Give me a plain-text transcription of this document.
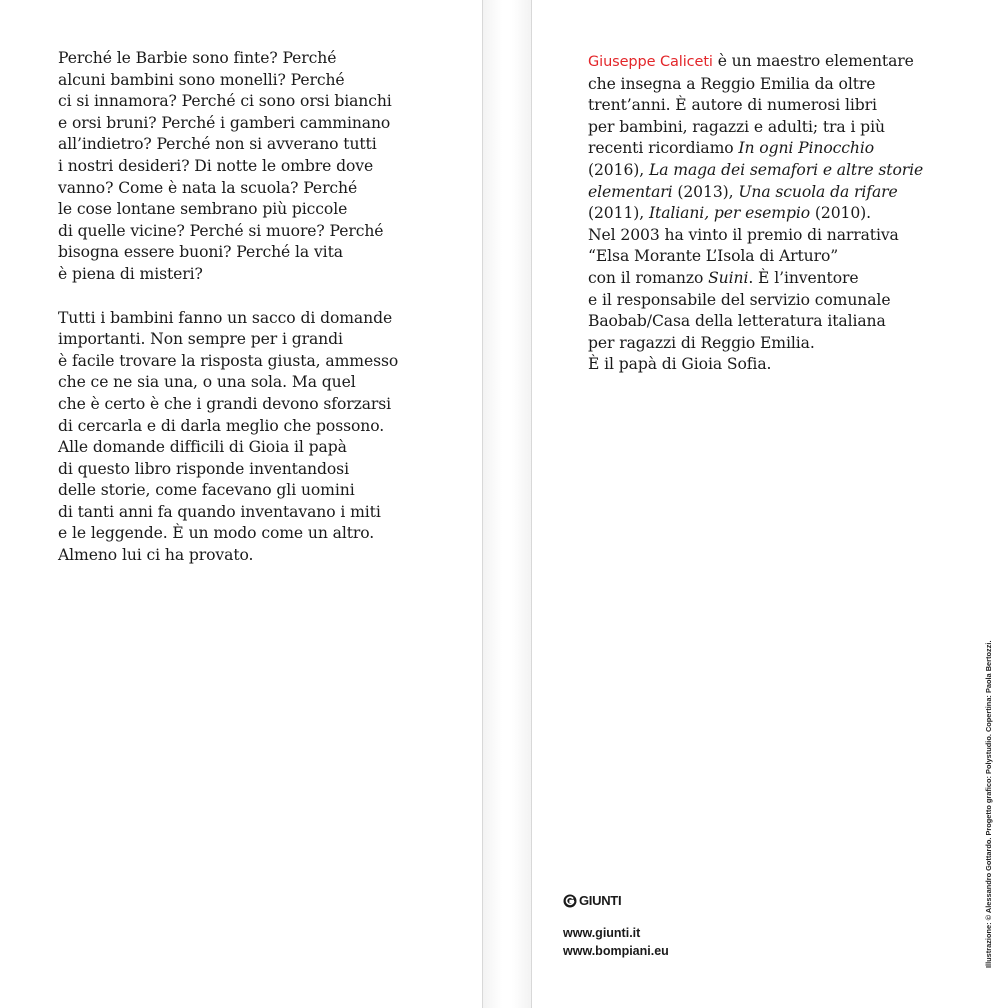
Perché le Barbie sono finte? Perché
alcuni bambini sono monelli? Perché
ci si innamora? Perché ci sono orsi bianchi
e orsi bruni? Perché i gamberi camminano
all’indietro? Perché non si avverano tutti
i nostri desideri? Di notte le ombre dove
vanno? Come è nata la scuola? Perché
le cose lontane sembrano più piccole
di quelle vicine? Perché si muore? Perché
bisogna essere buoni? Perché la vita
è piena di misteri?
Tutti i bambini fanno un sacco di domande
importanti. Non sempre per i grandi
è facile trovare la risposta giusta, ammesso
che ce ne sia una, o una sola. Ma quel
che è certo è che i grandi devono sforzarsi
di cercarla e di darla meglio che possono.
Alle domande difficili di Gioia il papà
di questo libro risponde inventandosi
delle storie, come facevano gli uomini
di tanti anni fa quando inventavano i miti
e le leggende. È un modo come un altro.
Almeno lui ci ha provato.
Giuseppe Caliceti è un maestro elementare
che insegna a Reggio Emilia da oltre
trent’anni. È autore di numerosi libri
per bambini, ragazzi e adulti; tra i più
recenti ricordiamo In ogni Pinocchio
(2016), La maga dei semafori e altre storie
elementari (2013), Una scuola da rifare
(2011), Italiani, per esempio (2010).
Nel 2003 ha vinto il premio di narrativa
“Elsa Morante L’Isola di Arturo”
con il romanzo Suini. È l’inventore
e il responsabile del servizio comunale
Baobab/Casa della letteratura italiana
per ragazzi di Reggio Emilia.
È il papà di Gioia Sofia.
GIUNTI
www.giunti.it
www.bompiani.eu	Illustrazione: © Alessandro Gottardo. Progetto grafico: Polystudio. Copertina: Paola Bertozzi.
